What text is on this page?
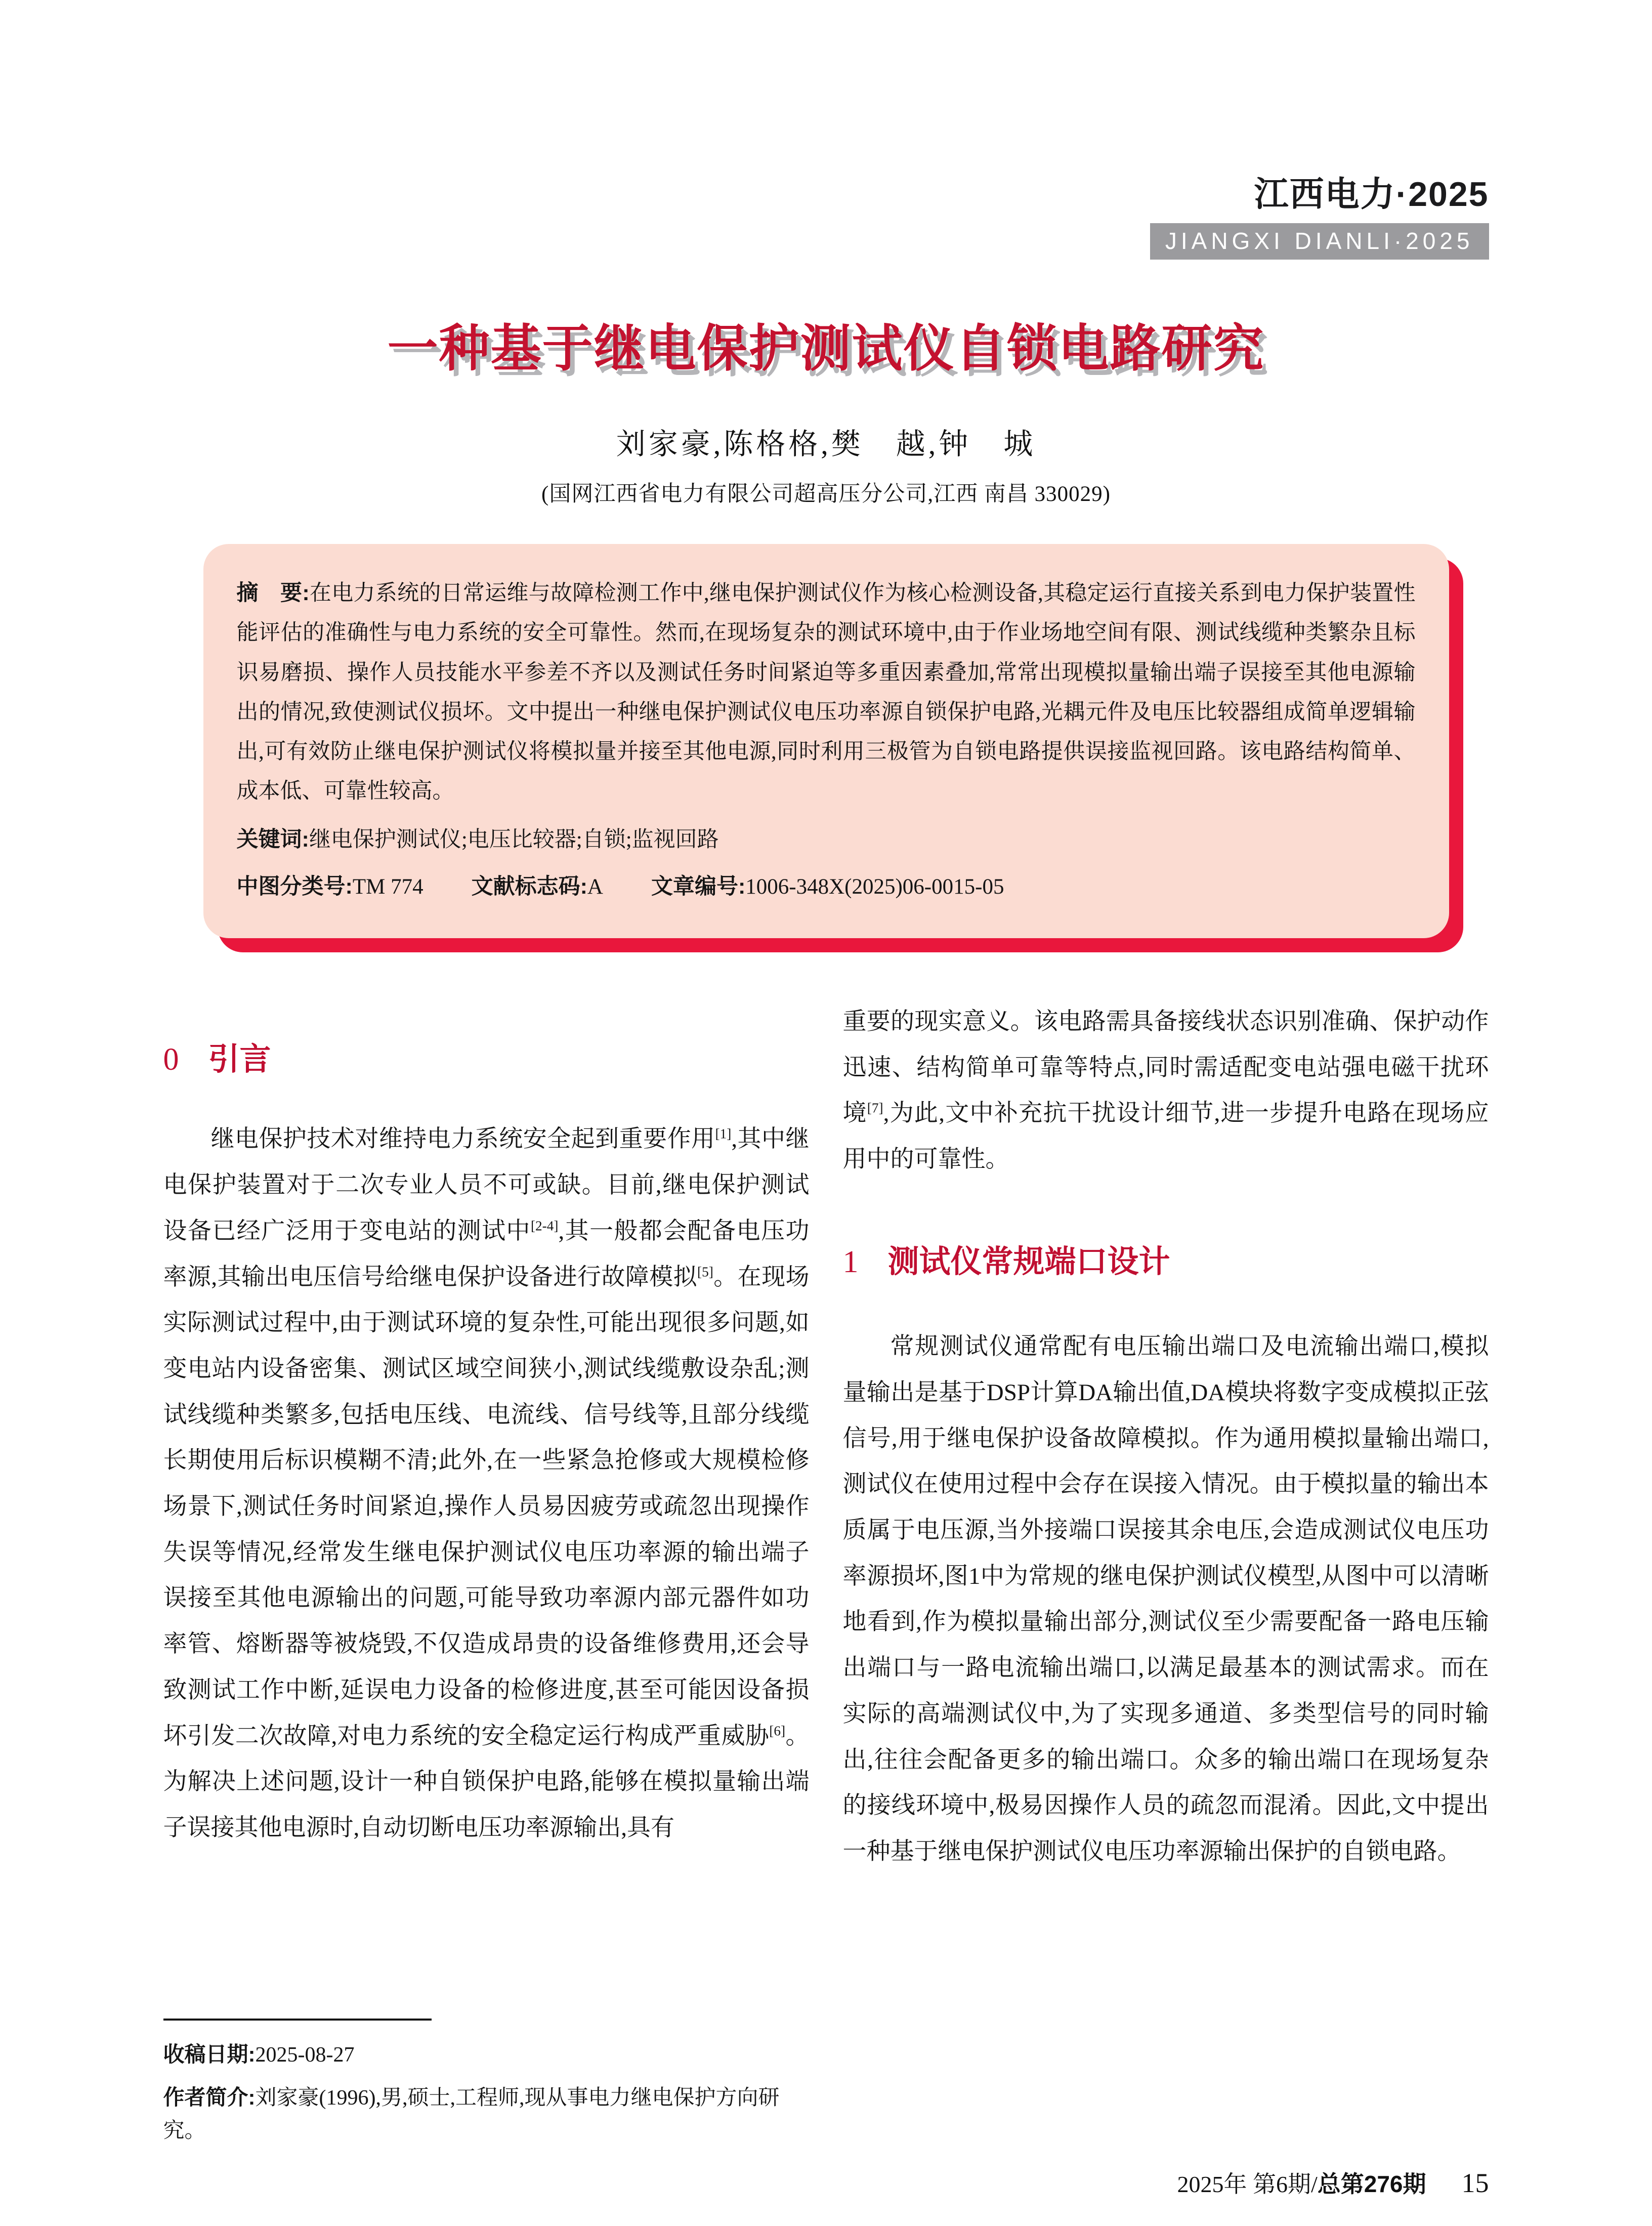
江西电力·2025
JIANGXI DIANLI·2025
一种基于继电保护测试仪自锁电路研究
刘家豪,陈格格,樊　越,钟　城
(国网江西省电力有限公司超高压分公司,江西 南昌 330029)

摘　要:在电力系统的日常运维与故障检测工作中,继电保护测试仪作为核心检测设备,其稳定运行直接关系到电力保护装置性能评估的准确性与电力系统的安全可靠性。然而,在现场复杂的测试环境中,由于作业场地空间有限、测试线缆种类繁杂且标识易磨损、操作人员技能水平参差不齐以及测试任务时间紧迫等多重因素叠加,常常出现模拟量输出端子误接至其他电源输出的情况,致使测试仪损坏。文中提出一种继电保护测试仪电压功率源自锁保护电路,光耦元件及电压比较器组成简单逻辑输出,可有效防止继电保护测试仪将模拟量并接至其他电源,同时利用三极管为自锁电路提供误接监视回路。该电路结构简单、成本低、可靠性较高。

关键词:继电保护测试仪;电压比较器;自锁;监视回路

中图分类号:TM 774 文献标志码:A 文章编号:1006-348X(2025)06-0015-05

0 引言

继电保护技术对维持电力系统安全起到重要作用[1],其中继电保护装置对于二次专业人员不可或缺。目前,继电保护测试设备已经广泛用于变电站的测试中[2-4],其一般都会配备电压功率源,其输出电压信号给继电保护设备进行故障模拟[5]。在现场实际测试过程中,由于测试环境的复杂性,可能出现很多问题,如变电站内设备密集、测试区域空间狭小,测试线缆敷设杂乱;测试线缆种类繁多,包括电压线、电流线、信号线等,且部分线缆长期使用后标识模糊不清;此外,在一些紧急抢修或大规模检修场景下,测试任务时间紧迫,操作人员易因疲劳或疏忽出现操作失误等情况,经常发生继电保护测试仪电压功率源的输出端子误接至其他电源输出的问题,可能导致功率源内部元器件如功率管、熔断器等被烧毁,不仅造成昂贵的设备维修费用,还会导致测试工作中断,延误电力设备的检修进度,甚至可能因设备损坏引发二次故障,对电力系统的安全稳定运行构成严重威胁[6]。为解决上述问题,设计一种自锁保护电路,能够在模拟量输出端子误接其他电源时,自动切断电压功率源输出,具有

收稿日期:2025-08-27

作者简介:刘家豪(1996),男,硕士,工程师,现从事电力继电保护方向研究。

重要的现实意义。该电路需具备接线状态识别准确、保护动作迅速、结构简单可靠等特点,同时需适配变电站强电磁干扰环境[7],为此,文中补充抗干扰设计细节,进一步提升电路在现场应用中的可靠性。

1 测试仪常规端口设计

常规测试仪通常配有电压输出端口及电流输出端口,模拟量输出是基于DSP计算DA输出值,DA模块将数字变成模拟正弦信号,用于继电保护设备故障模拟。作为通用模拟量输出端口,测试仪在使用过程中会存在误接入情况。由于模拟量的输出本质属于电压源,当外接端口误接其余电压,会造成测试仪电压功率源损坏,图1中为常规的继电保护测试仪模型,从图中可以清晰地看到,作为模拟量输出部分,测试仪至少需要配备一路电压输出端口与一路电流输出端口,以满足最基本的测试需求。而在实际的高端测试仪中,为了实现多通道、多类型信号的同时输出,往往会配备更多的输出端口。众多的输出端口在现场复杂的接线环境中,极易因操作人员的疏忽而混淆。因此,文中提出一种基于继电保护测试仪电压功率源输出保护的自锁电路。

2025年 第6期/总第276期 15
